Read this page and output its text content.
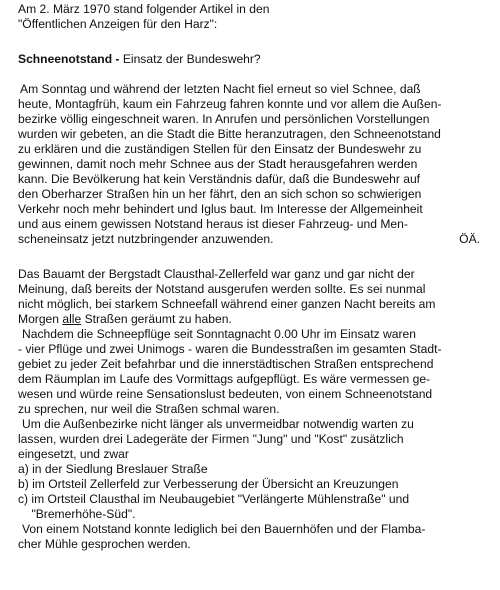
Am 2. März 1970 stand folgender Artikel in den
"Öffentlichen Anzeigen für den Harz":
Schneenotstand - Einsatz der Bundeswehr?
Am Sonntag und während der letzten Nacht fiel erneut so viel Schnee, daß
heute, Montagfrüh, kaum ein Fahrzeug fahren konnte und vor allem die Außen-
bezirke völlig eingeschneit waren. In Anrufen und persönlichen Vorstellungen
wurden wir gebeten, an die Stadt die Bitte heranzutragen, den Schneenotstand
zu erklären und die zuständigen Stellen für den Einsatz der Bundeswehr zu
gewinnen, damit noch mehr Schnee aus der Stadt herausgefahren werden
kann. Die Bevölkerung hat kein Verständnis dafür, daß die Bundeswehr auf
den Oberharzer Straßen hin un her fährt, den an sich schon so schwierigen
Verkehr noch mehr behindert und Iglus baut. Im Interesse der Allgemeinheit
und aus einem gewissen Notstand heraus ist dieser Fahrzeug- und Men-
scheneinsatz jetzt nutzbringender anzuwenden.	ÖÄ.
Das Bauamt der Bergstadt Clausthal-Zellerfeld war ganz und gar nicht der
Meinung, daß bereits der Notstand ausgerufen werden sollte. Es sei nunmal
nicht möglich, bei starkem Schneefall während einer ganzen Nacht bereits am
Morgen alle Straßen geräumt zu haben.
Nachdem die Schneepflüge seit Sonntagnacht 0.00 Uhr im Einsatz waren
- vier Pflüge und zwei Unimogs - waren die Bundesstraßen im gesamten Stadt-
gebiet zu jeder Zeit befahrbar und die innerstädtischen Straßen entsprechend
dem Räumplan im Laufe des Vormittags aufgepflügt. Es wäre vermessen ge-
wesen und würde reine Sensationslust bedeuten, von einem Schneenotstand
zu sprechen, nur weil die Straßen schmal waren.
Um die Außenbezirke nicht länger als unvermeidbar notwendig warten zu
lassen, wurden drei Ladegeräte der Firmen "Jung" und "Kost" zusätzlich
eingesetzt, und zwar
a) in der Siedlung Breslauer Straße
b) im Ortsteil Zellerfeld zur Verbesserung der Übersicht an Kreuzungen
c) im Ortsteil Clausthal im Neubaugebiet "Verlängerte Mühlenstraße" und
"Bremerhöhe-Süd".
Von einem Notstand konnte lediglich bei den Bauernhöfen und der Flamba-
cher Mühle gesprochen werden.
